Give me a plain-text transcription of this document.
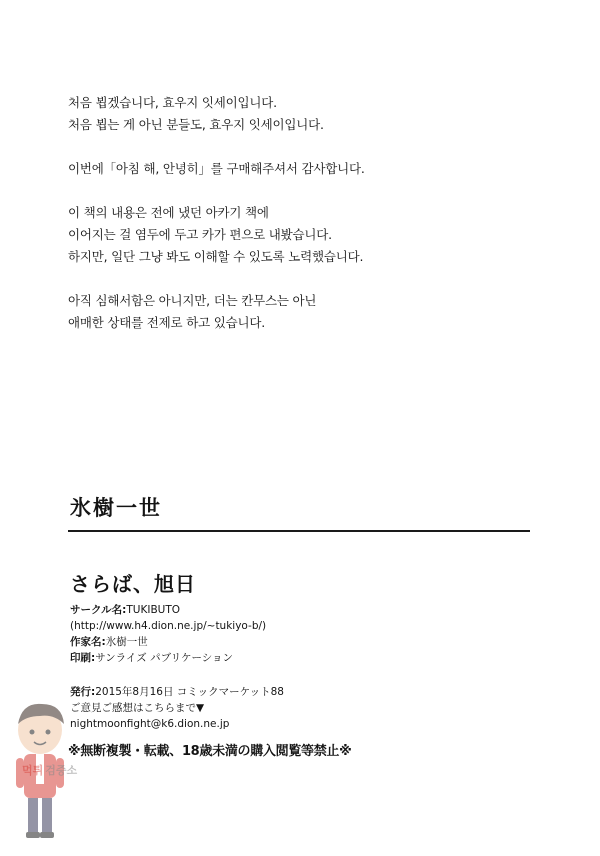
처음 뵙겠습니다, 효우지 잇세이입니다.
처음 뵙는 게 아닌 분들도, 효우지 잇세이입니다.
이번에「아침 해, 안녕히」를 구매해주셔서 감사합니다.
이 책의 내용은 전에 냈던 아카기 책에
이어지는 걸 염두에 두고 카가 편으로 내봤습니다.
하지만, 일단 그냥 봐도 이해할 수 있도록 노력했습니다.
아직 심해서함은 아니지만, 더는 칸무스는 아닌
애매한 상태를 전제로 하고 있습니다.
氷樹一世
さらば、旭日
サークル名:TUKIBUTO
(http://www.h4.dion.ne.jp/~tukiyo-b/)
作家名:氷樹一世
印刷:サンライズ パブリケーション
発行:2015年8月16日 コミックマーケット88
ご意見ご感想はこちらまで▼
nightmoonfight@k6.dion.ne.jp
※無断複製・転載、18歳未満の購入閲覧等禁止※
먹튀 검증소
